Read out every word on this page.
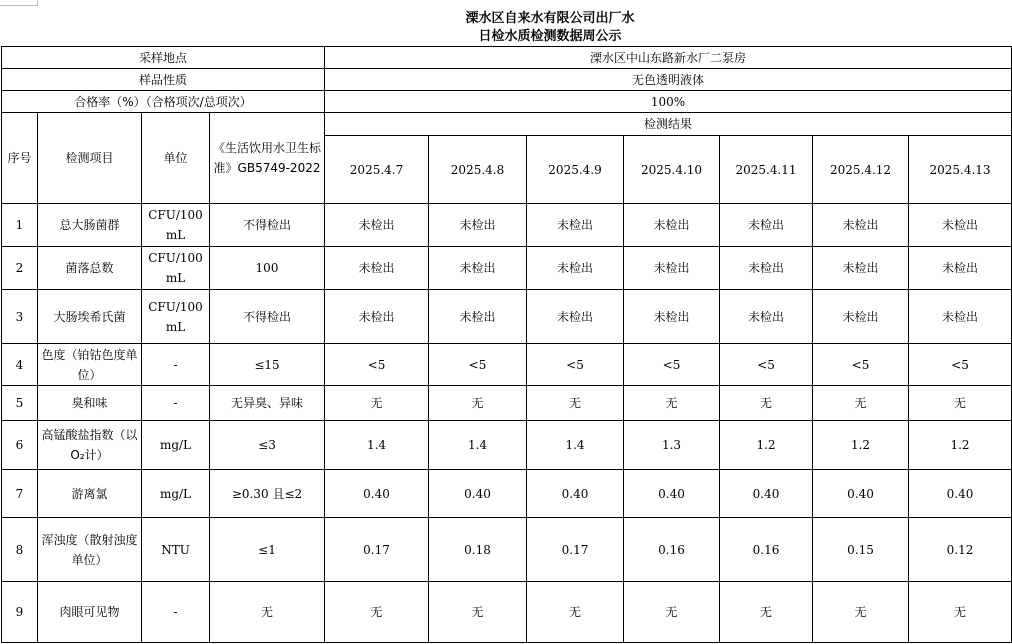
溧水区自来水有限公司出厂水
日检水质检测数据周公示
采样地点				溧水区中山东路新水厂二泵房						
样品性质				无色透明液体						
合格率（%）（合格项次/总项次）				100%						
序号	检测项目	单位	《生活饮用水卫生标准》GB5749-2022	检测结果						
				2025.4.7	2025.4.8	2025.4.9	2025.4.10	2025.4.11	2025.4.12	2025.4.13
1	总大肠菌群	CFU/100 mL	不得检出	未检出	未检出	未检出	未检出	未检出	未检出	未检出
2	菌落总数	CFU/100 mL	100	未检出	未检出	未检出	未检出	未检出	未检出	未检出
3	大肠埃希氏菌	CFU/100 mL	不得检出	未检出	未检出	未检出	未检出	未检出	未检出	未检出
4	色度（铂钴色度单位）	-	≤15	<5	<5	<5	<5	<5	<5	<5
5	臭和味	-	无异臭、异味	无	无	无	无	无	无	无
6	高锰酸盐指数（以 O₂计）	mg/L	≤3	1.4	1.4	1.4	1.3	1.2	1.2	1.2
7	游离氯	mg/L	≥0.30 且≤2	0.40	0.40	0.40	0.40	0.40	0.40	0.40
8	浑浊度（散射浊度单位）	NTU	≤1	0.17	0.18	0.17	0.16	0.16	0.15	0.12
9	肉眼可见物	-	无	无	无	无	无	无	无	无
